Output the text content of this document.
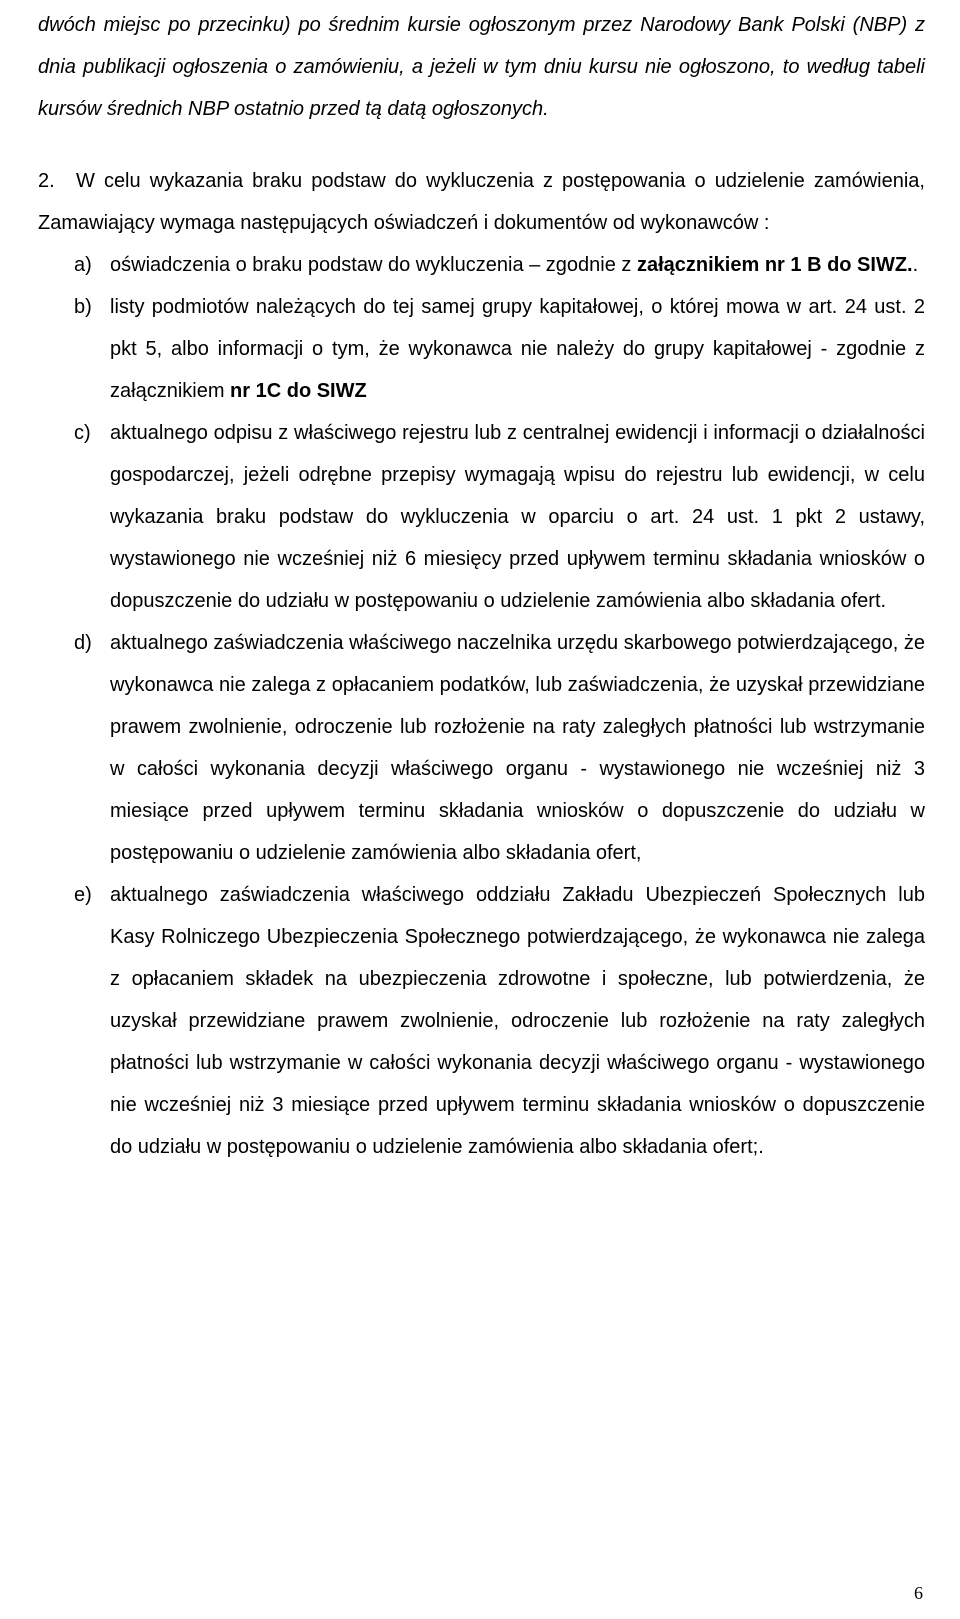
dwóch miejsc po przecinku) po średnim kursie ogłoszonym przez Narodowy Bank Polski (NBP) z dnia publikacji ogłoszenia o zamówieniu, a jeżeli w tym dniu kursu nie ogłoszono, to według tabeli kursów średnich NBP ostatnio przed tą datą ogłoszonych.

2. W celu wykazania braku podstaw do wykluczenia z postępowania o udzielenie zamówienia, Zamawiający wymaga następujących oświadczeń i dokumentów od wykonawców :
a) oświadczenia o braku podstaw do wykluczenia – zgodnie z załącznikiem nr 1 B do SIWZ..
b) listy podmiotów należących do tej samej grupy kapitałowej, o której mowa w art. 24 ust. 2 pkt 5, albo informacji o tym, że wykonawca nie należy do grupy kapitałowej - zgodnie z załącznikiem nr 1C do SIWZ
c) aktualnego odpisu z właściwego rejestru lub z centralnej ewidencji i informacji o działalności gospodarczej, jeżeli odrębne przepisy wymagają wpisu do rejestru lub ewidencji, w celu wykazania braku podstaw do wykluczenia w oparciu o art. 24 ust. 1 pkt 2 ustawy, wystawionego nie wcześniej niż 6 miesięcy przed upływem terminu składania wniosków o dopuszczenie do udziału w postępowaniu o udzielenie zamówienia albo składania ofert.
d) aktualnego zaświadczenia właściwego naczelnika urzędu skarbowego potwierdzającego, że wykonawca nie zalega z opłacaniem podatków, lub zaświadczenia, że uzyskał przewidziane prawem zwolnienie, odroczenie lub rozłożenie na raty zaległych płatności lub wstrzymanie w całości wykonania decyzji właściwego organu - wystawionego nie wcześniej niż 3 miesiące przed upływem terminu składania wniosków o dopuszczenie do udziału w postępowaniu o udzielenie zamówienia albo składania ofert,
e) aktualnego zaświadczenia właściwego oddziału Zakładu Ubezpieczeń Społecznych lub Kasy Rolniczego Ubezpieczenia Społecznego potwierdzającego, że wykonawca nie zalega z opłacaniem składek na ubezpieczenia zdrowotne i społeczne, lub potwierdzenia, że uzyskał przewidziane prawem zwolnienie, odroczenie lub rozłożenie na raty zaległych płatności lub wstrzymanie w całości wykonania decyzji właściwego organu - wystawionego nie wcześniej niż 3 miesiące przed upływem terminu składania wniosków o dopuszczenie do udziału w postępowaniu o udzielenie zamówienia albo składania ofert;.
6
